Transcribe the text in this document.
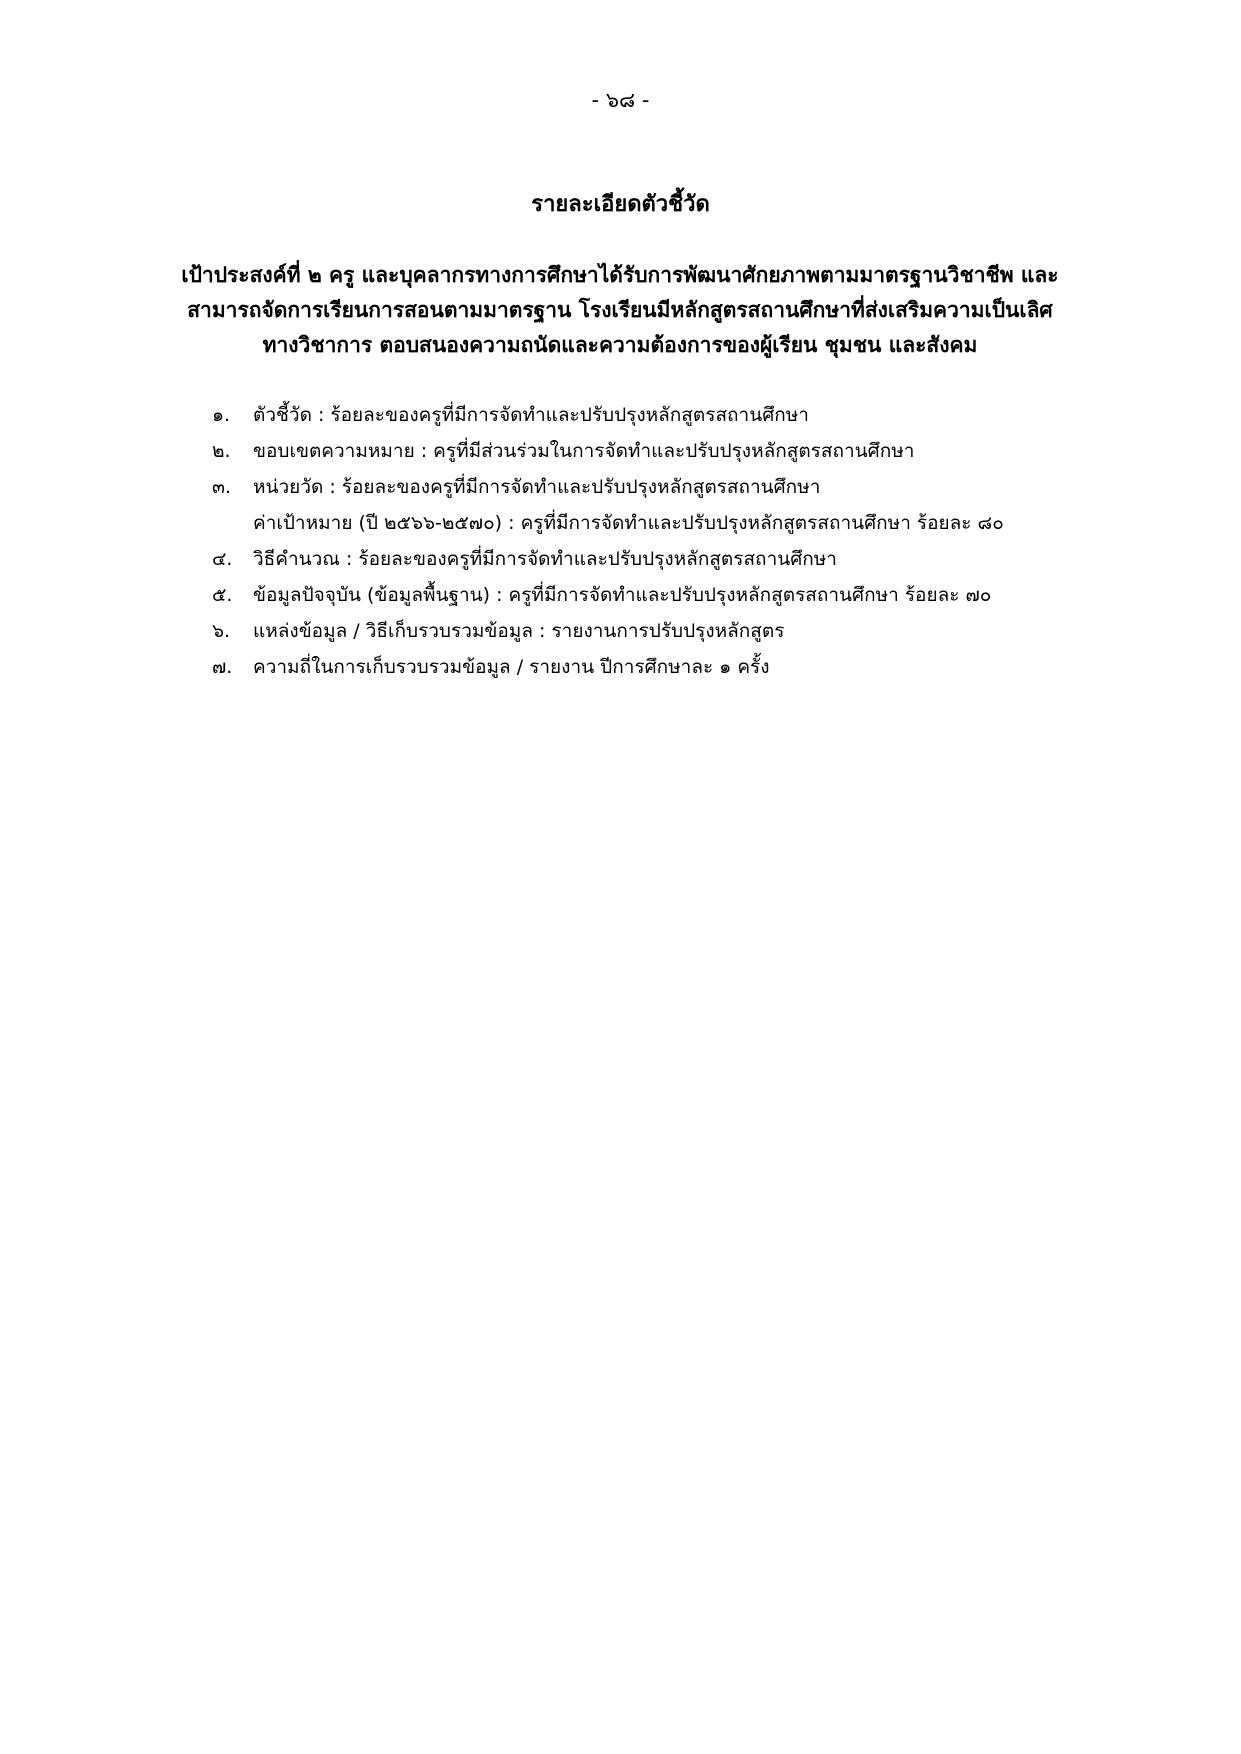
- ๖๘ -
รายละเอียดตัวชี้วัด
เป้าประสงค์ที่ ๒ ครู และบุคลากรทางการศึกษาได้รับการพัฒนาศักยภาพตามมาตรฐานวิชาชีพ และ
สามารถจัดการเรียนการสอนตามมาตรฐาน โรงเรียนมีหลักสูตรสถานศึกษาที่ส่งเสริมความเป็นเลิศ
ทางวิชาการ ตอบสนองความถนัดและความต้องการของผู้เรียน ชุมชน และสังคม
๑. ตัวชี้วัด : ร้อยละของครูที่มีการจัดทำและปรับปรุงหลักสูตรสถานศึกษา
๒. ขอบเขตความหมาย : ครูที่มีส่วนร่วมในการจัดทำและปรับปรุงหลักสูตรสถานศึกษา
๓. หน่วยวัด : ร้อยละของครูที่มีการจัดทำและปรับปรุงหลักสูตรสถานศึกษา
ค่าเป้าหมาย (ปี ๒๕๖๖-๒๕๗๐) : ครูที่มีการจัดทำและปรับปรุงหลักสูตรสถานศึกษา ร้อยละ ๘๐
๔. วิธีคำนวณ : ร้อยละของครูที่มีการจัดทำและปรับปรุงหลักสูตรสถานศึกษา
๕. ข้อมูลปัจจุบัน (ข้อมูลพื้นฐาน) : ครูที่มีการจัดทำและปรับปรุงหลักสูตรสถานศึกษา ร้อยละ ๗๐
๖. แหล่งข้อมูล / วิธีเก็บรวบรวมข้อมูล : รายงานการปรับปรุงหลักสูตร
๗. ความถี่ในการเก็บรวบรวมข้อมูล / รายงาน ปีการศึกษาละ ๑ ครั้ง
